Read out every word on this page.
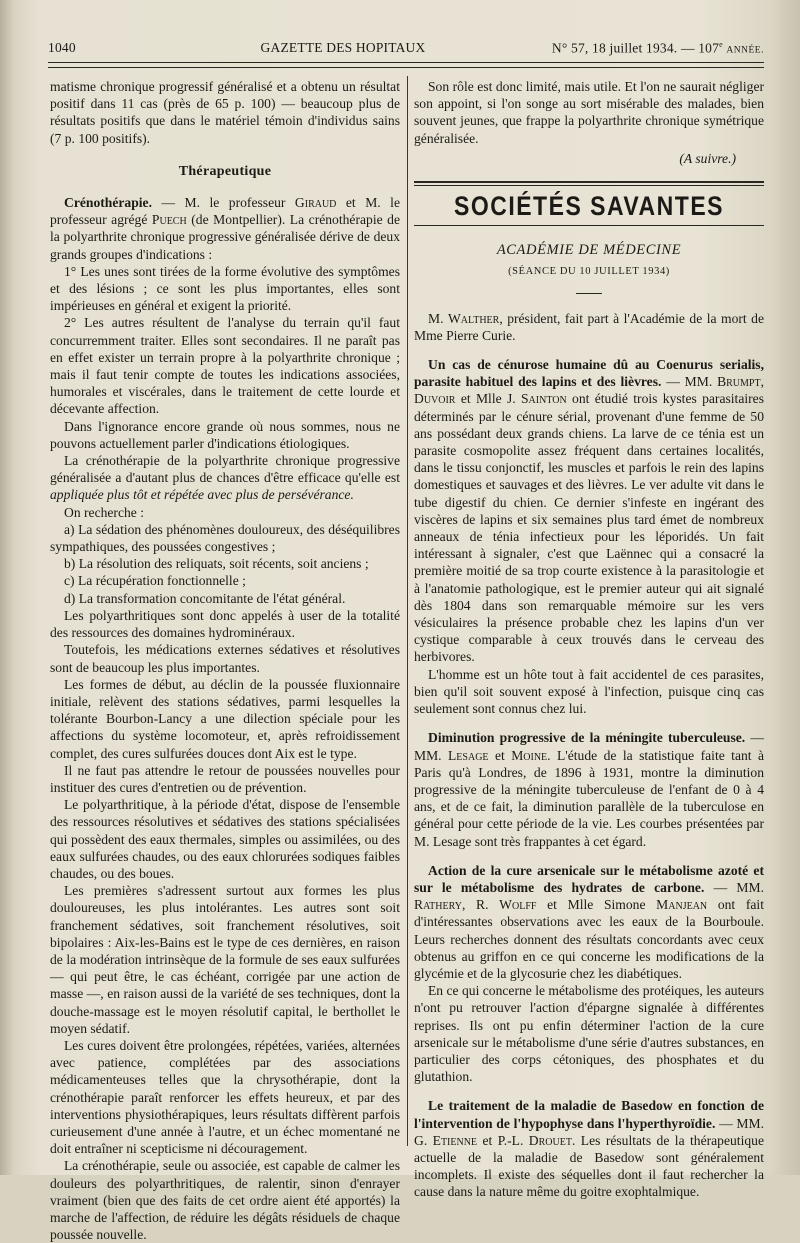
1040	GAZETTE DES HOPITAUX	N° 57, 18 juillet 1934. — 107e ANNÉE.

matisme chronique progressif généralisé et a obtenu un résultat positif dans 11 cas (près de 65 p. 100) — beaucoup plus de résultats positifs que dans le matériel témoin d'individus sains (7 p. 100 positifs).

Thérapeutique

Crénothérapie. — M. le professeur Giraud et M. le professeur agrégé Puech (de Montpellier). La crénothérapie de la polyarthrite chronique progressive généralisée dérive de deux grands groupes d'indications :

1° Les unes sont tirées de la forme évolutive des symptômes et des lésions ; ce sont les plus importantes, elles sont impérieuses en général et exigent la priorité.

2° Les autres résultent de l'analyse du terrain qu'il faut concurremment traiter. Elles sont secondaires. Il ne paraît pas en effet exister un terrain propre à la polyarthrite chronique ; mais il faut tenir compte de toutes les indications associées, humorales et viscérales, dans le traitement de cette lourde et décevante affection.

Dans l'ignorance encore grande où nous sommes, nous ne pouvons actuellement parler d'indications étiologiques.

La crénothérapie de la polyarthrite chronique progressive généralisée a d'autant plus de chances d'être efficace qu'elle est appliquée plus tôt et répétée avec plus de persévérance.

On recherche :

a) La sédation des phénomènes douloureux, des déséquilibres sympathiques, des poussées congestives ;

b) La résolution des reliquats, soit récents, soit anciens ;

c) La récupération fonctionnelle ;

d) La transformation concomitante de l'état général.

Les polyarthritiques sont donc appelés à user de la totalité des ressources des domaines hydrominéraux.

Toutefois, les médications externes sédatives et résolutives sont de beaucoup les plus importantes.

Les formes de début, au déclin de la poussée fluxionnaire initiale, relèvent des stations sédatives, parmi lesquelles la tolérante Bourbon-Lancy a une dilection spéciale pour les affections du système locomoteur, et, après refroidissement complet, des cures sulfurées douces dont Aix est le type.

Il ne faut pas attendre le retour de poussées nouvelles pour instituer des cures d'entretien ou de prévention.

Le polyarthritique, à la période d'état, dispose de l'ensemble des ressources résolutives et sédatives des stations spécialisées qui possèdent des eaux thermales, simples ou assimilées, ou des eaux sulfurées chaudes, ou des eaux chlorurées sodiques faibles chaudes, ou des boues.

Les premières s'adressent surtout aux formes les plus douloureuses, les plus intolérantes. Les autres sont soit franchement sédatives, soit franchement résolutives, soit bipolaires : Aix-les-Bains est le type de ces dernières, en raison de la modération intrinsèque de la formule de ses eaux sulfurées— qui peut être, le cas échéant, corrigée par une action de masse —, en raison aussi de la variété de ses techniques, dont la douche-massage est le moyen résolutif capital, le berthollet le moyen sédatif.

Les cures doivent être prolongées, répétées, variées, alternées avec patience, complétées par des associations médicamenteuses telles que la chrysothérapie, dont la crénothérapie paraît renforcer les effets heureux, et par des interventions physiothérapiques, leurs résultats diffèrent parfois curieusement d'une année à l'autre, et un échec momentané ne doit entraîner ni scepticisme ni découragement.

La crénothérapie, seule ou associée, est capable de calmer les douleurs des polyarthritiques, de ralentir, sinon d'enrayer vraiment (bien que des faits de cet ordre aient été apportés) la marche de l'affection, de réduire les dégâts résiduels de chaque poussée nouvelle.

Son rôle est donc limité, mais utile. Et l'on ne saurait négliger son appoint, si l'on songe au sort misérable des malades, bien souvent jeunes, que frappe la polyarthrite chronique symétrique généralisée.

(A suivre.)
SOCIÉTÉS SAVANTES
ACADÉMIE DE MÉDECINE
(SÉANCE DU 10 JUILLET 1934)

M. Walther, président, fait part à l'Académie de la mort de Mme Pierre Curie.

Un cas de cénurose humaine dû au Coenurus serialis, parasite habituel des lapins et des lièvres. — MM. Brumpt, Duvoir et Mlle J. Sainton ont étudié trois kystes parasitaires déterminés par le cénure sérial, provenant d'une femme de 50 ans possédant deux grands chiens. La larve de ce ténia est un parasite cosmopolite assez fréquent dans certaines localités, dans le tissu conjonctif, les muscles et parfois le rein des lapins domestiques et sauvages et des lièvres. Le ver adulte vit dans le tube digestif du chien. Ce dernier s'infeste en ingérant des viscères de lapins et six semaines plus tard émet de nombreux anneaux de ténia infectieux pour les léporidés. Un fait intéressant à signaler, c'est que Laënnec qui a consacré la première moitié de sa trop courte existence à la parasitologie et à l'anatomie pathologique, est le premier auteur qui ait signalé dès 1804 dans son remarquable mémoire sur les vers vésiculaires la présence probable chez les lapins d'un ver cystique comparable à ceux trouvés dans le cerveau des herbivores.

L'homme est un hôte tout à fait accidentel de ces parasites, bien qu'il soit souvent exposé à l'infection, puisque cinq cas seulement sont connus chez lui.

Diminution progressive de la méningite tuberculeuse. — MM. Lesage et Moine. L'étude de la statistique faite tant à Paris qu'à Londres, de 1896 à 1931, montre la diminution progressive de la méningite tuberculeuse de l'enfant de 0 à 4 ans, et de ce fait, la diminution parallèle de la tuberculose en général pour cette période de la vie. Les courbes présentées par M. Lesage sont très frappantes à cet égard.

Action de la cure arsenicale sur le métabolisme azoté et sur le métabolisme des hydrates de carbone. — MM. Rathery, R. Wolff et Mlle Simone Manjean ont fait d'intéressantes observations avec les eaux de la Bourboule. Leurs recherches donnent des résultats concordants avec ceux obtenus au griffon en ce qui concerne les modifications de la glycémie et de la glycosurie chez les diabétiques.

En ce qui concerne le métabolisme des protéiques, les auteurs n'ont pu retrouver l'action d'épargne signalée à différentes reprises. Ils ont pu enfin déterminer l'action de la cure arsenicale sur le métabolisme d'une série d'autres substances, en particulier des corps cétoniques, des phosphates et du glutathion.

Le traitement de la maladie de Basedow en fonction de l'intervention de l'hypophyse dans l'hyperthyroïdie. — MM. G. Etienne et P.-L. Drouet. Les résultats de la thérapeutique actuelle de la maladie de Basedow sont généralement incomplets. Il existe des séquelles dont il faut rechercher la cause dans la nature même du goitre exophtalmique.
